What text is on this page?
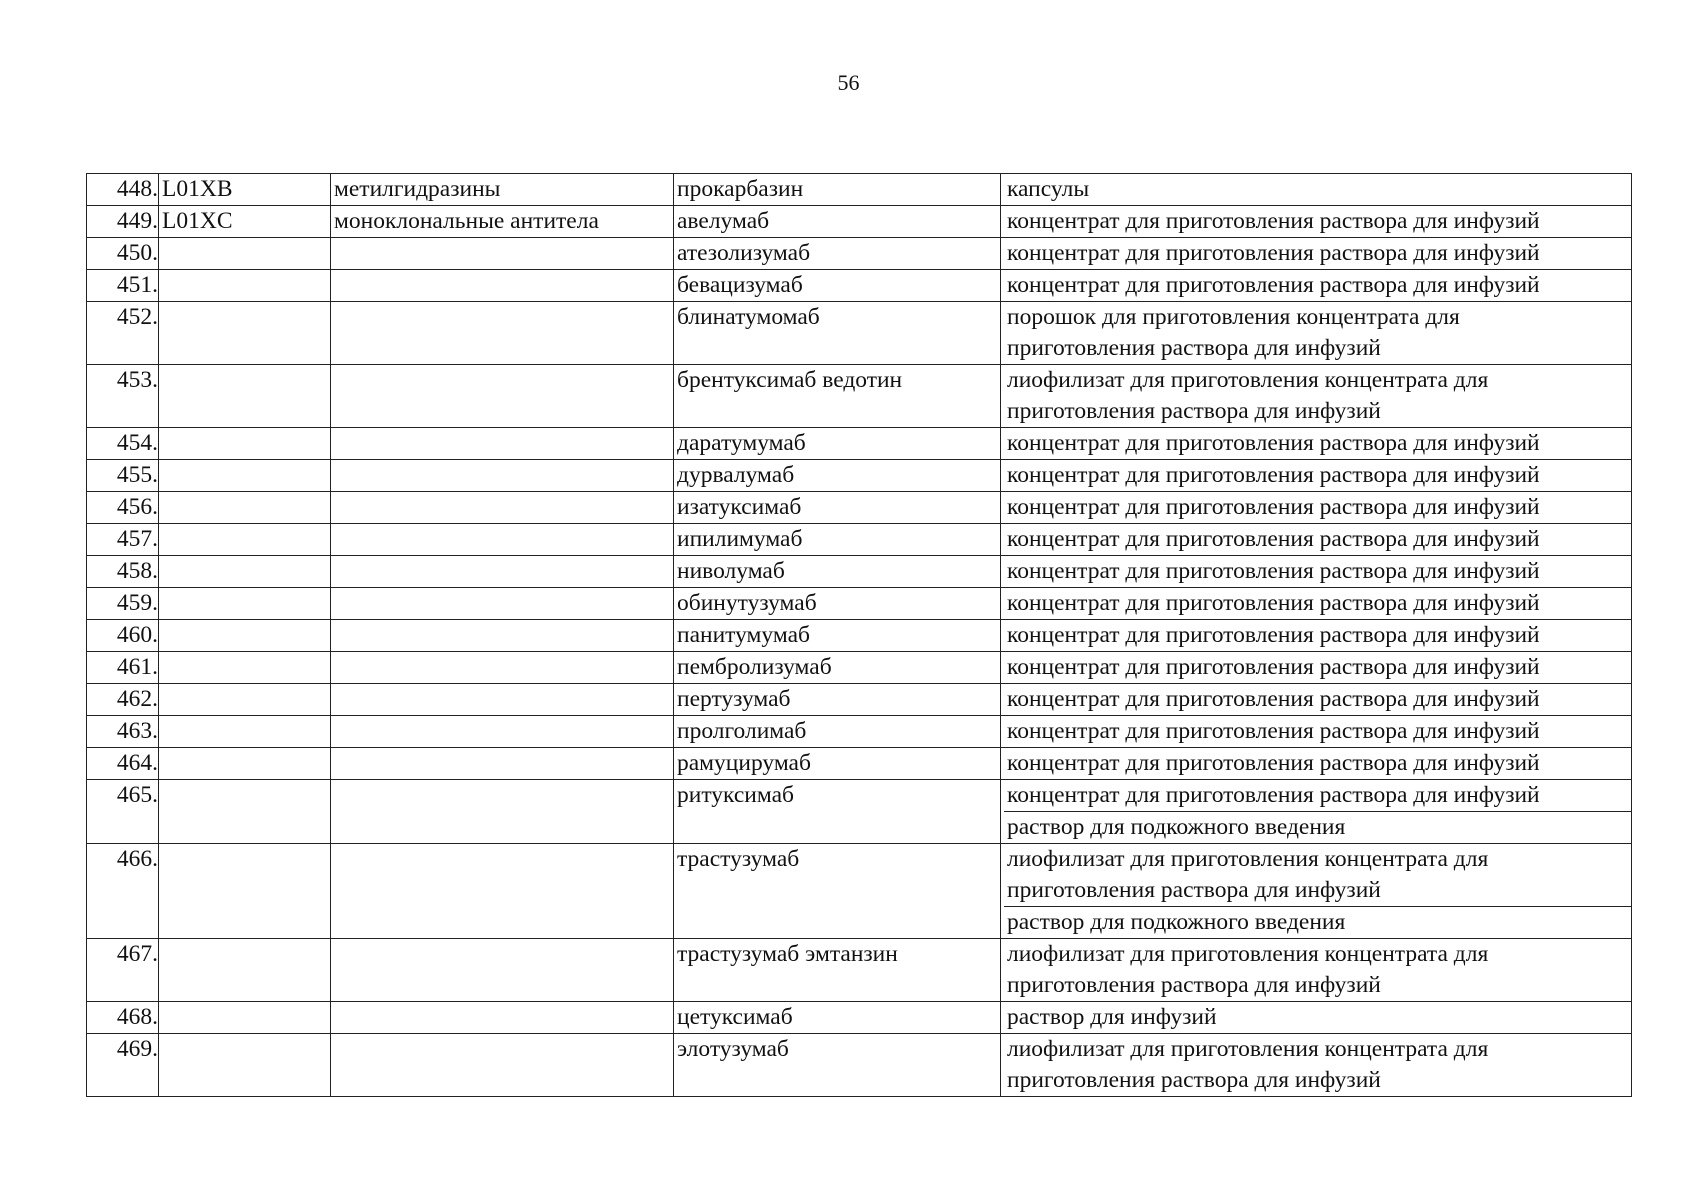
56
448.	L01XB	метилгидразины	прокарбазин	капсулы

449.	L01XC	моноклональные антитела	авелумаб	концентрат для приготовления раствора для инфузий

450.			атезолизумаб	концентрат для приготовления раствора для инфузий

451.			бевацизумаб	концентрат для приготовления раствора для инфузий

452.			блинатумомаб	порошок для приготовления концентрата для
приготовления раствора для инфузий

453.			брентуксимаб ведотин	лиофилизат для приготовления концентрата для
приготовления раствора для инфузий

454.			даратумумаб	концентрат для приготовления раствора для инфузий

455.			дурвалумаб	концентрат для приготовления раствора для инфузий

456.			изатуксимаб	концентрат для приготовления раствора для инфузий

457.			ипилимумаб	концентрат для приготовления раствора для инфузий

458.			ниволумаб	концентрат для приготовления раствора для инфузий

459.			обинутузумаб	концентрат для приготовления раствора для инфузий

460.			панитумумаб	концентрат для приготовления раствора для инфузий

461.			пембролизумаб	концентрат для приготовления раствора для инфузий

462.			пертузумаб	концентрат для приготовления раствора для инфузий

463.			пролголимаб	концентрат для приготовления раствора для инфузий

464.			рамуцирумаб	концентрат для приготовления раствора для инфузий

465.			ритуксимаб	концентрат для приготовления раствора для инфузий
раствор для подкожного введения

466.			трастузумаб	лиофилизат для приготовления концентрата для
приготовления раствора для инфузий
раствор для подкожного введения

467.			трастузумаб эмтанзин	лиофилизат для приготовления концентрата для
приготовления раствора для инфузий

468.			цетуксимаб	раствор для инфузий

469.			элотузумаб	лиофилизат для приготовления концентрата для
приготовления раствора для инфузий
